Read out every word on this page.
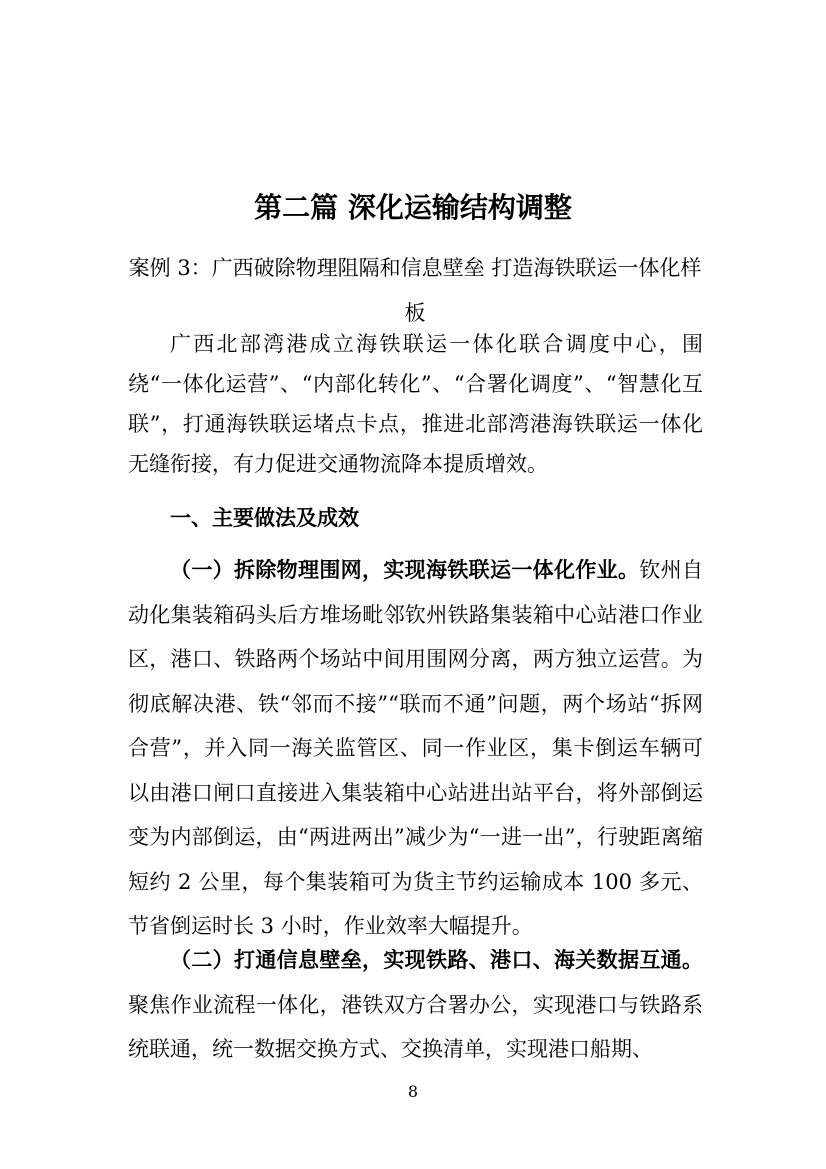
第二篇 深化运输结构调整
案例 3：广西破除物理阻隔和信息壁垒 打造海铁联运一体化样板
广西北部湾港成立海铁联运一体化联合调度中心，围绕“一体化运营”、“内部化转化”、“合署化调度”、“智慧化互联”，打通海铁联运堵点卡点，推进北部湾港海铁联运一体化无缝衔接，有力促进交通物流降本提质增效。
一、主要做法及成效
（一）拆除物理围网，实现海铁联运一体化作业。钦州自动化集装箱码头后方堆场毗邻钦州铁路集装箱中心站港口作业区，港口、铁路两个场站中间用围网分离，两方独立运营。为彻底解决港、铁“邻而不接”“联而不通”问题，两个场站“拆网合营”，并入同一海关监管区、同一作业区，集卡倒运车辆可以由港口闸口直接进入集装箱中心站进出站平台，将外部倒运变为内部倒运，由“两进两出”减少为“一进一出”，行驶距离缩短约 2 公里，每个集装箱可为货主节约运输成本 100 多元、节省倒运时长 3 小时，作业效率大幅提升。
（二）打通信息壁垒，实现铁路、港口、海关数据互通。聚焦作业流程一体化，港铁双方合署办公，实现港口与铁路系统联通，统一数据交换方式、交换清单，实现港口船期、
8
